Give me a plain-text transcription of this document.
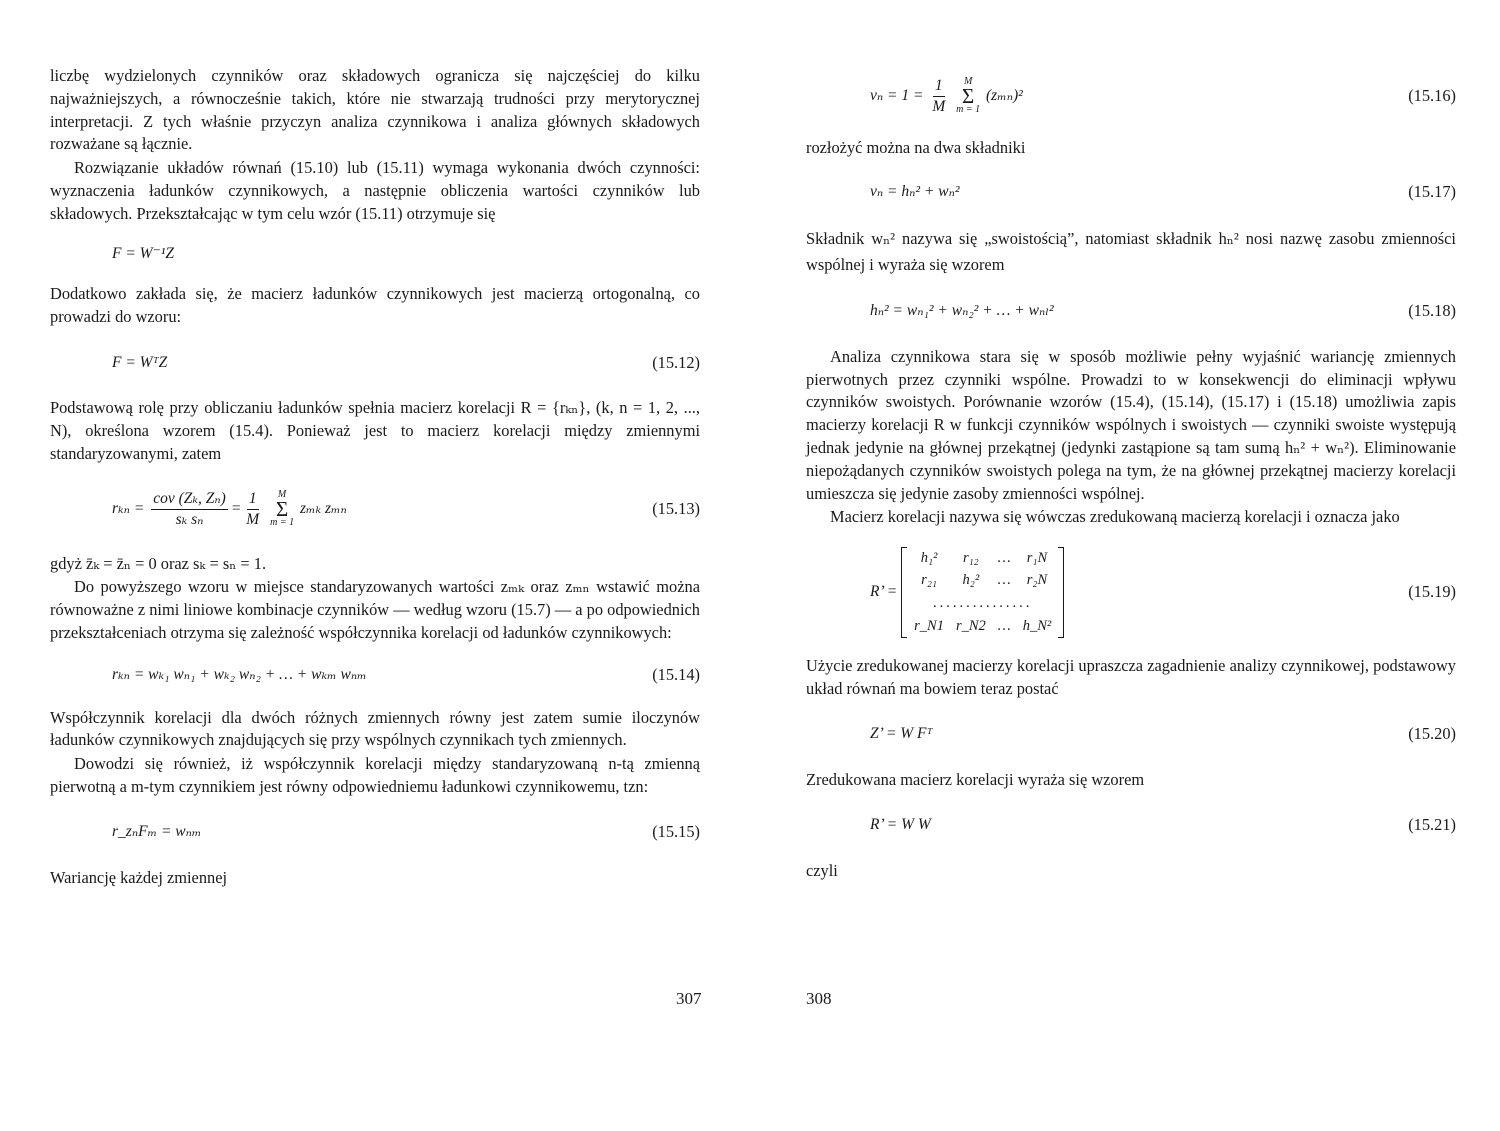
liczbę wydzielonych czynników oraz składowych ogranicza się najczęściej do kilku najważniejszych, a równocześnie takich, które nie stwarzają trudności przy merytorycznej interpretacji. Z tych właśnie przyczyn analiza czynnikowa i analiza głównych składowych rozważane są łącznie.

Rozwiązanie układów równań (15.10) lub (15.11) wymaga wykonania dwóch czynności: wyznaczenia ładunków czynnikowych, a następnie obliczenia wartości czynników lub składowych. Przekształcając w tym celu wzór (15.11) otrzymuje się

F = W⁻¹Z

Dodatkowo zakłada się, że macierz ładunków czynnikowych jest macierzą ortogonalną, co prowadzi do wzoru:

F = WᵀZ	(15.12)

Podstawową rolę przy obliczaniu ładunków spełnia macierz korelacji R = {rₖₙ}, (k, n = 1, 2, ..., N), określona wzorem (15.4). Ponieważ jest to macierz korelacji między zmiennymi standaryzowanymi, zatem

$r_{kn} = \frac{\text{cov (Zₖ, Zₙ)}}{\text{sₖ sₙ}} = \frac{1}{M}$
M
Σ
m = 1
zₘₖ zₘₙ	(15.13)

gdyż z̄ₖ = z̄ₙ = 0 oraz sₖ = sₙ = 1.

Do powyższego wzoru w miejsce standaryzowanych wartości zₘₖ oraz zₘₙ wstawić można równoważne z nimi liniowe kombinacje czynników — według wzoru (15.7) — a po odpowiednich przekształceniach otrzyma się zależność współczynnika korelacji od ładunków czynnikowych:

rₖₙ = wₖ₁ wₙ₁ + wₖ₂ wₙ₂ + … + wₖₘ wₙₘ	(15.14)

Współczynnik korelacji dla dwóch różnych zmiennych równy jest zatem sumie iloczynów ładunków czynnikowych znajdujących się przy wspólnych czynnikach tych zmiennych.

Dowodzi się również, iż współczynnik korelacji między standaryzowaną n-tą zmienną pierwotną a m-tym czynnikiem jest równy odpowiedniemu ładunkowi czynnikowemu, tzn:

r_zₙFₘ = wₙₘ	(15.15)

Wariancję każdej zmiennej

307
$v_n = 1 = \frac{1}{M}$
M
Σ
m = 1
(zₘₙ)²	(15.16)

rozłożyć można na dwa składniki

vₙ = hₙ² + wₙ²	(15.17)

Składnik wₙ² nazywa się „swoistością”, natomiast składnik hₙ² nosi nazwę zasobu zmienności wspólnej i wyraża się wzorem

hₙ² = wₙ₁² + wₙ₂² + … + wₙₗ²	(15.18)

Analiza czynnikowa stara się w sposób możliwie pełny wyjaśnić wariancję zmiennych pierwotnych przez czynniki wspólne. Prowadzi to w konsekwencji do eliminacji wpływu czynników swoistych. Porównanie wzorów (15.4), (15.14), (15.17) i (15.18) umożliwia zapis macierzy korelacji R w funkcji czynników wspólnych i swoistych — czynniki swoiste występują jednak jedynie na głównej przekątnej (jedynki zastąpione są tam sumą hₙ² + wₙ²). Eliminowanie niepożądanych czynników swoistych polega na tym, że na głównej przekątnej macierzy korelacji umieszcza się jedynie zasoby zmienności wspólnej.

Macierz korelacji nazywa się wówczas zredukowaną macierzą korelacji i oznacza jako

R’ =
h₁²	r₁₂	…	r₁N
r₂₁	h₂²	…	r₂N
...............			
r_N1	r_N2	…	h_N²
(15.19)

Użycie zredukowanej macierzy korelacji upraszcza zagadnienie analizy czynnikowej, podstawowy układ równań ma bowiem teraz postać

Z’ = W Fᵀ	(15.20)

Zredukowana macierz korelacji wyraża się wzorem

R’ = W W	(15.21)

czyli

308
